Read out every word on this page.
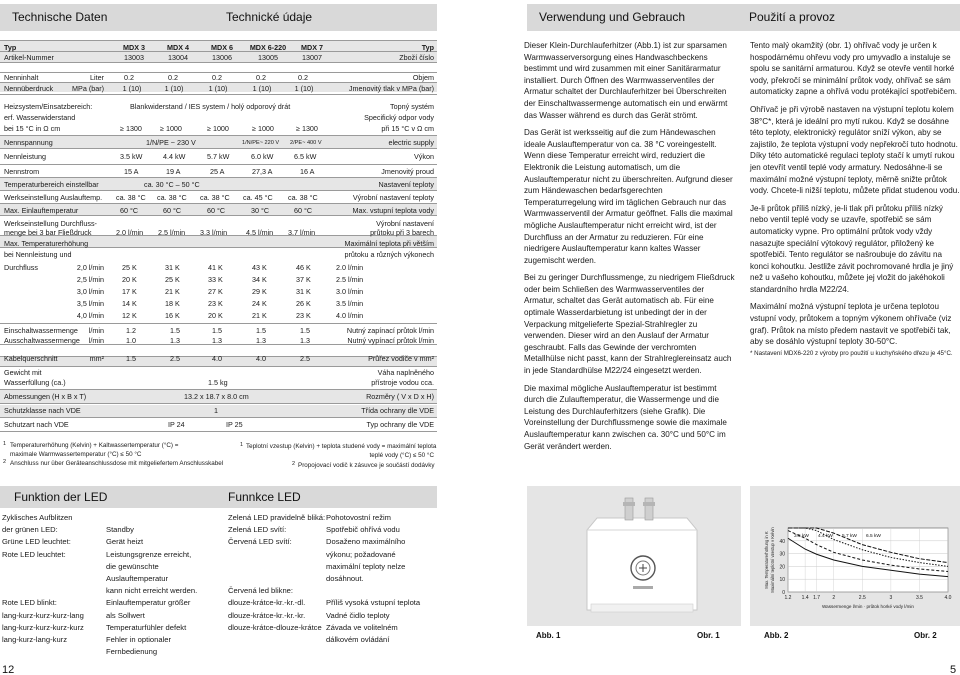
Technische Daten	Technické údaje	Verwendung und Gebrauch	Použití a provoz
Typ	MDX 3	MDX 4	MDX 6	MDX 6-220	MDX 7	Typ
Artikel-Nummer	13003	13004	13006	13005	13007	Zboží číslo
Nenninhalt	Liter	0.2	0.2	0.2	0.2	0.2	Objem
Nennüberdruck	MPa (bar)	1 (10)	1 (10)	1 (10)	1 (10)	1 (10)	Jmenovitý tlak v MPa (bar)
Heizsystem/Einsatzbereich:	Blankwiderstand / IES system / holý odporový drát	Topný systém
erf. Wasserwiderstand	Specifický odpor vody
bei 15 °C in Ω cm	≥ 1300	≥ 1000	≥ 1000	≥ 1000	≥ 1300	při 15 °C v Ω cm
Nennspannung	1/N/PE ~ 230 V	1/N/PE~ 220 V 2/PE~ 400 V	electric supply
Nennleistung	3.5 kW	4.4 kW	5.7 kW	6.0 kW	6.5 kW	Výkon
Nennstrom	15 A	19 A	25 A	27,3 A	16 A	Jmenovitý proud
Temperaturbereich einstellbar	ca. 30 °C – 50 °C	Nastavení teploty
Werkseinstellung Auslauftemp. ca. 38 °C ca. 38 °C ca. 38 °C ca. 45 °C ca. 38 °C	Výrobní nastavení teploty
Max. Einlauftemperatur	60 °C	60 °C	60 °C	30 °C	60 °C	Max. vstupní teplota vody
Werkseinstellung Durchfluss-	Výrobní nastavení
menge bei 3 bar Fließdruck	2.0 l/min 2.5 l/min 3.3 l/min	4.5 l/min 3.7 l/min	průtoku při 3 barech
Max. Temperaturerhöhung	Maximální teplota při větším
bei Nennleistung und	průtoku a různých výkonech
Durchfluss	2,0 l/min	25 K	31 K	41 K	43 K	46 K	2.0 l/min
2,5 l/min	20 K	25 K	33 K	34 K	37 K	2.5 l/min
3,0 l/min	17 K	21 K	27 K	29 K	31 K	3.0 l/min
3,5 l/min	14 K	18 K	23 K	24 K	26 K	3.5 l/min
4,0 l/min	12 K	16 K	20 K	21 K	23 K	4.0 l/min
Einschaltwassermenge	l/min	1.2	1.5	1.5	1.5	1.5	Nutný zapínací průtok l/min
Ausschaltwassermenge	l/min	1.0	1.3	1.3	1.3	1.3	Nutný vypínací průtok l/min
Kabelquerschnitt	mm²	1.5	2.5	4.0	4.0	2.5	Průřez vodiče v mm²
Gewicht mit	Váha naplněného
Wasserfüllung (ca.)	1.5 kg	přístroje vodou cca.
Abmessungen (H x B x T)	13.2 x 18.7 x 8.0 cm	Rozměry ( V x D x H)
Schutzklasse nach VDE	1	Třída ochrany dle VDE
Schutzart nach VDE	IP 24	IP 25	Typ ochrany dle VDE
1 Temperaturerhöhung (Kelvin) + Kaltwassertemperatur (°C) =
maximale Warmwassertemperatur (°C) ≤ 50 °C
2 Anschluss nur über Geräteanschlussdose mit mitgeliefertem Anschlusskabel
1 Teplotní vzestup (Kelvin) + teplota studené vody = maximální teplota
teplé vody (°C) ≤ 50 °C
2 Propojovací vodič k zásuvce je součástí dodávky

Dieser Klein-Durchlauferhitzer (Abb.1) ist zur sparsamen Warmwasserversorgung eines Handwaschbeckens bestimmt und wird zusammen mit einer Sanitärarmatur installiert. Durch Öffnen des Warmwasserventiles der Armatur schaltet der Durchlauferhitzer bei Überschreiten der Einschaltwassermenge automatisch ein und erwärmt das Wasser während es durch das Gerät strömt.

Das Gerät ist werksseitig auf die zum Händewaschen ideale Auslauftemperatur von ca. 38 °C voreingestellt. Wenn diese Temperatur erreicht wird, reduziert die Elektronik die Leistung automatisch, um die Auslauftemperatur nicht zu überschreiten. Aufgrund dieser zum Händewaschen bedarfsgerechten Temperaturregelung wird im täglichen Gebrauch nur das Warmwasserventil der Armatur geöffnet. Falls die maximal mögliche Auslauftemperatur nicht erreicht wird, ist der Durchfluss an der Armatur zu reduzieren. Für eine niedrigere Auslauftemperatur kann kaltes Wasser zugemischt werden.

Bei zu geringer Durchflussmenge, zu niedrigem Fließdruck oder beim Schließen des Warmwasserventiles der Armatur, schaltet das Gerät automatisch ab. Für eine optimale Wasserdarbietung ist unbedingt der in der Verpackung mitgelieferte Spezial-Strahlregler zu verwenden. Dieser wird an den Auslauf der Armatur geschraubt. Falls das Gewinde der verchromten Metallhülse nicht passt, kann der Strahlreglereinsatz auch in jede Standardhülse M22/24 eingesetzt werden.

Die maximal mögliche Auslauftemperatur ist bestimmt durch die Zulauftemperatur, die Wassermenge und die Leistung des Durchlauferhitzers (siehe Grafik). Die Voreinstellung der Durchflussmenge sowie die maximale Auslauftemperatur kann zwischen ca. 30°C und 50°C im Gerät verändert werden.

Tento malý okamžitý (obr. 1) ohřívač vody je určen k hospodárnému ohřevu vody pro umyvadlo a instaluje se spolu se sanitární armaturou. Když se otevře ventil horké vody, překročí se minimální průtok vody, ohřívač se sám automaticky zapne a ohřívá vodu protékající spotřebičem.

Ohřívač je při výrobě nastaven na výstupní teplotu kolem 38°C*, která je ideální pro mytí rukou. Když se dosáhne této teploty, elektronický regulátor sníží výkon, aby se zajistilo, že teplota výstupní vody nepřekročí tuto hodnotu. Díky této automatické regulaci teploty stačí k umytí rukou jen otevřít ventil teplé vody armatury. Nedosáhne-li se maximální možné výstupní teploty, měrně snižte průtok vody. Chcete-li nižší teplotu, můžete přidat studenou vodu.

Je-li průtok příliš nízký, je-li tlak při průtoku příliš nízký nebo ventil teplé vody se uzavře, spotřebič se sám automaticky vypne. Pro optimální průtok vody vždy nasazujte speciální výtokový regulátor, přiložený ke spotřebiči. Tento regulátor se našroubuje do závitu na konci kohoutku. Jestliže závit pochromované hrdla je jiný než u vašeho kohoutku, můžete jej vložit do jakéhokoli standardního hrdla M22/24.

Maximální možná výstupní teplota je určena teplotou vstupní vody, průtokem a topným výkonem ohřívače (viz graf). Průtok na místo předem nastavit ve spotřebiči tak, aby se dosáhlo výstupní teploty 30-50°C.

* Nastavení MDX6-220 z výroby pro použití u kuchyňského dřezu je 45°C.
Funktion der LED	Funnkce LED
Zyklisches Aufblitzen
der grünen LED:	Standby
Grüne LED leuchtet:	Gerät heizt
Rote LED leuchtet:	Leistungsgrenze erreicht,
die gewünschte
Auslauftemperatur
kann nicht erreicht werden.
Rote LED blinkt:	Einlauftemperatur größer
lang-kurz-kurz-kurz-lang	als Sollwert
lang-kurz-kurz-kurz-kurz	Temperaturfühler defekt
lang-kurz-lang-kurz	Fehler in optionaler
Fernbedienung
Zelená LED pravidelně bliká: Pohotovostní režim
Zelená LED svítí:	Spotřebič ohřívá vodu
Červená LED svítí:	Dosaženo maximálního
výkonu; požadované
maximální teploty nelze
dosáhnout.
Červená led bliknе:
dlouze-krátce-kr.-kr.-dl.	Příliš vysoká vstupní teplota
dlouze-krátce-kr.-kr.-kr.	Vadné čidlo teploty
dlouze-krátce-dlouze-krátce Závada ve volitelném
dálkovém ovládání	Abb. 1	Obr. 1
0
10
20
30
40
1.2 1.4 1.7 2	2.5	3	3.5	4.0
3.5 kW 4.4 kW 5.7 kW 6.5 kW
Wassermenge l/min · průtok horké vody l/min
Max. Temperaturerhöhung in K Maximální teplotní vzestup v Kelvin
Abb. 2	Obr. 2
12	5
